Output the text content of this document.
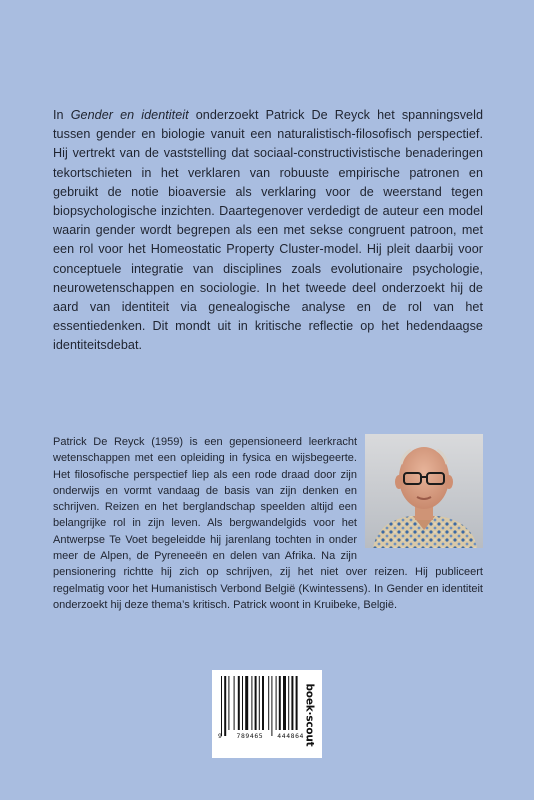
In Gender en identiteit onderzoekt Patrick De Reyck het spanningsveld tussen gender en biologie vanuit een naturalistisch-filosofisch perspectief. Hij vertrekt van de vaststelling dat sociaal-constructivistische benaderingen tekortschieten in het verklaren van robuuste empirische patronen en gebruikt de notie bioaversie als verklaring voor de weerstand tegen biopsychologische inzichten. Daartegenover verdedigt de auteur een model waarin gender wordt begrepen als een met sekse congruent patroon, met een rol voor het Homeostatic Property Cluster-model. Hij pleit daarbij voor conceptuele integratie van disciplines zoals evolutionaire psychologie, neurowetenschappen en sociologie. In het tweede deel onderzoekt hij de aard van identiteit via genealogische analyse en de rol van het essentiedenken. Dit mondt uit in kritische reflectie op het hedendaagse identiteitsdebat.
Patrick De Reyck (1959) is een gepensioneerd leerkracht wetenschappen met een opleiding in fysica en wijsbegeerte. Het filosofische perspectief liep als een rode draad door zijn onderwijs en vormt vandaag de basis van zijn denken en schrijven. Reizen en het berglandschap speelden altijd een belangrijke rol in zijn leven. Als bergwandelgids voor het Antwerpse Te Voet begeleidde hij jarenlang tochten in onder meer de Alpen, de Pyreneeën en delen van Afrika. Na zijn pensionering richtte hij zich op schrijven, zij het niet over reizen. Hij publiceert regelmatig voor het Humanistisch Verbond België (Kwintessens). In Gender en identiteit onderzoekt hij deze thema’s kritisch. Patrick woont in Kruibeke, België.
9 789465 444864 boek·scout
